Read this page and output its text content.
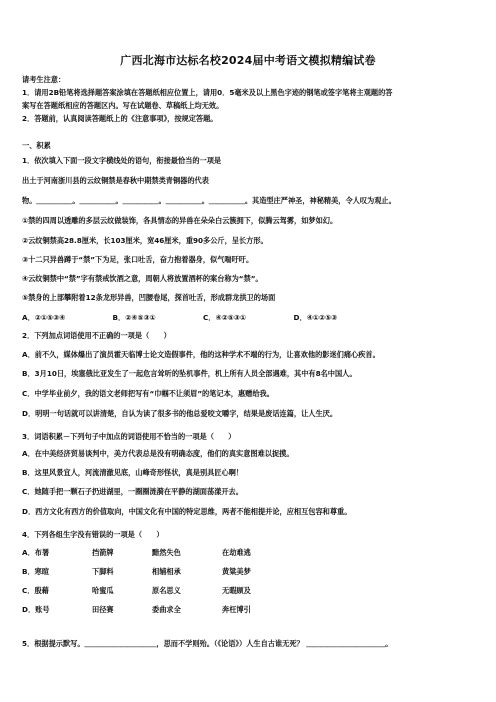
广西北海市达标名校2024届中考语文模拟精编试卷
请考生注意：
1．请用2B铅笔将选择题答案涂填在答题纸相应位置上，请用0．5毫米及以上黑色字迹的钢笔或签字笔将主观题的答
案写在答题纸相应的答题区内。写在试题卷、草稿纸上均无效。
2．答题前，认真阅读答题纸上的《注意事项》，按规定答题。
一、积累
1．依次填入下面一段文字横线处的语句，衔接最恰当的一项是
出土于河南浙川县的云纹铜禁是春秋中期禁类青铜器的代表
物。＿＿＿＿＿。＿＿＿＿＿。＿＿＿＿＿。＿＿＿＿＿。＿＿＿＿＿。其造型庄严神圣，神秘精美，令人叹为观止。
①禁的四周以透雕的多层云纹做装饰，各具情态的异兽在朵朵白云簇拥下，似腾云驾雾，如梦如幻。
②云纹铜禁高28.8厘米，长103厘米，宽46厘米，重90多公斤，呈长方形。
③十二只异兽蹲于“禁”下为足，张口吐舌，奋力抱着器身，似气喘吁吁。
④云纹铜禁中“禁”字有禁戒饮酒之意，周朝人将放置酒杯的案台称为“禁”。
⑤禁身的上部攀附着12条龙形异兽，凹腰卷尾，探首吐舌，形成群龙拱卫的场面
A．②①⑤③④	B．②④⑤③①	C．④②⑤③①	D．④①②⑤③
2．下列加点词语使用不正确的一项是（　　）
A．前不久，媒体爆出了演员霍天临博士论文造假事件，他的这种学术不端的行为，让喜欢他的影迷们痛心疾首。
B．3月10日，埃塞俄比亚发生了一起危言耸听的坠机事件，机上所有人员全部遇难，其中有8名中国人。
C．中学毕业前夕，我的语文老师把写有“巾帼不让须眉”的笔记本，惠赠给我。
D．明明一句话就可以讲清楚，自认为读了很多书的他总爱咬文嚼字，结果是废话连篇，让人生厌。
3．词语积累－下列句子中加点的词语使用不恰当的一项是（　　）
A．在中美经济贸易谈判中，美方代表总是没有明确态度，他们的真实意图难以捉摸。
B．这里风景宜人，河流清澈见底，山峰奇形怪状，真是别具匠心啊！
C．她随手把一颗石子扔进湖里，一圈圈涟漪在平静的湖面荡漾开去。
D．西方文化有西方的价值取向，中国文化有中国的特定思维，两者不能相提并论，应相互包容和尊重。
4．下列各组生字没有错误的一项是（　　）
A．布署	挡箭牌	黯然失色	在劫难逃
B．寒暄	下脚料	相辅相承	黄粱美梦
C．殷藉	哈蜜瓜	原名思义	无暇顾及
D．账号	田径赛	委曲求全	奔枉博引
5．根据提示默写。＿＿＿＿＿＿＿＿＿＿，思而不学则殆。（《论语》）人生自古谁无死？ ＿＿＿＿＿＿＿＿＿＿＿。
